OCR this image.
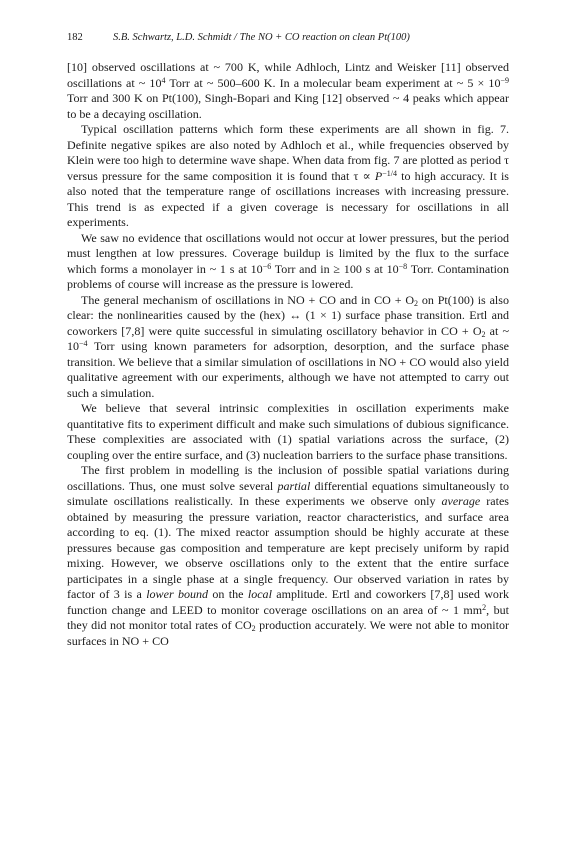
182	S.B. Schwartz, L.D. Schmidt / The NO + CO reaction on clean Pt(100)

[10] observed oscillations at ~ 700 K, while Adhloch, Lintz and Weisker [11] observed oscillations at ~ $10^4$ Torr at ~ 500–600 K. In a molecular beam experiment at ~ $5 \times 10^{-9}$ Torr and 300 K on Pt(100), Singh-Bopari and King [12] observed ~ 4 peaks which appear to be a decaying oscillation.

Typical oscillation patterns which form these experiments are all shown in fig. 7. Definite negative spikes are also noted by Adhloch et al., while frequencies observed by Klein were too high to determine wave shape. When data from fig. 7 are plotted as period τ versus pressure for the same composition it is found that $\tau \propto P^{-1/4}$ to high accuracy. It is also noted that the temperature range of oscillations increases with increasing pressure. This trend is as expected if a given coverage is necessary for oscillations in all experiments.

We saw no evidence that oscillations would not occur at lower pressures, but the period must lengthen at low pressures. Coverage buildup is limited by the flux to the surface which forms a monolayer in ~ 1 s at $10^{-6}$ Torr and in ≥ 100 s at $10^{-8}$ Torr. Contamination problems of course will increase as the pressure is lowered.

The general mechanism of oscillations in NO + CO and in CO + $O_2$ on Pt(100) is also clear: the nonlinearities caused by the (hex) ↔ (1 × 1) surface phase transition. Ertl and coworkers [7,8] were quite successful in simulating oscillatory behavior in CO + $O_2$ at ~ $10^{-4}$ Torr using known parameters for adsorption, desorption, and the surface phase transition. We believe that a similar simulation of oscillations in NO + CO would also yield qualitative agreement with our experiments, although we have not attempted to carry out such a simulation.

We believe that several intrinsic complexities in oscillation experiments make quantitative fits to experiment difficult and make such simulations of dubious significance. These complexities are associated with (1) spatial variations across the surface, (2) coupling over the entire surface, and (3) nucleation barriers to the surface phase transitions.

The first problem in modelling is the inclusion of possible spatial variations during oscillations. Thus, one must solve several partial differential equations simultaneously to simulate oscillations realistically. In these experiments we observe only average rates obtained by measuring the pressure variation, reactor characteristics, and surface area according to eq. (1). The mixed reactor assumption should be highly accurate at these pressures because gas composition and temperature are kept precisely uniform by rapid mixing. However, we observe oscillations only to the extent that the entire surface participates in a single phase at a single frequency. Our observed variation in rates by factor of 3 is a lower bound on the local amplitude. Ertl and coworkers [7,8] used work function change and LEED to monitor coverage oscillations on an area of ~ 1 $mm^2$, but they did not monitor total rates of $CO_2$ production accurately. We were not able to monitor surfaces in NO + CO
